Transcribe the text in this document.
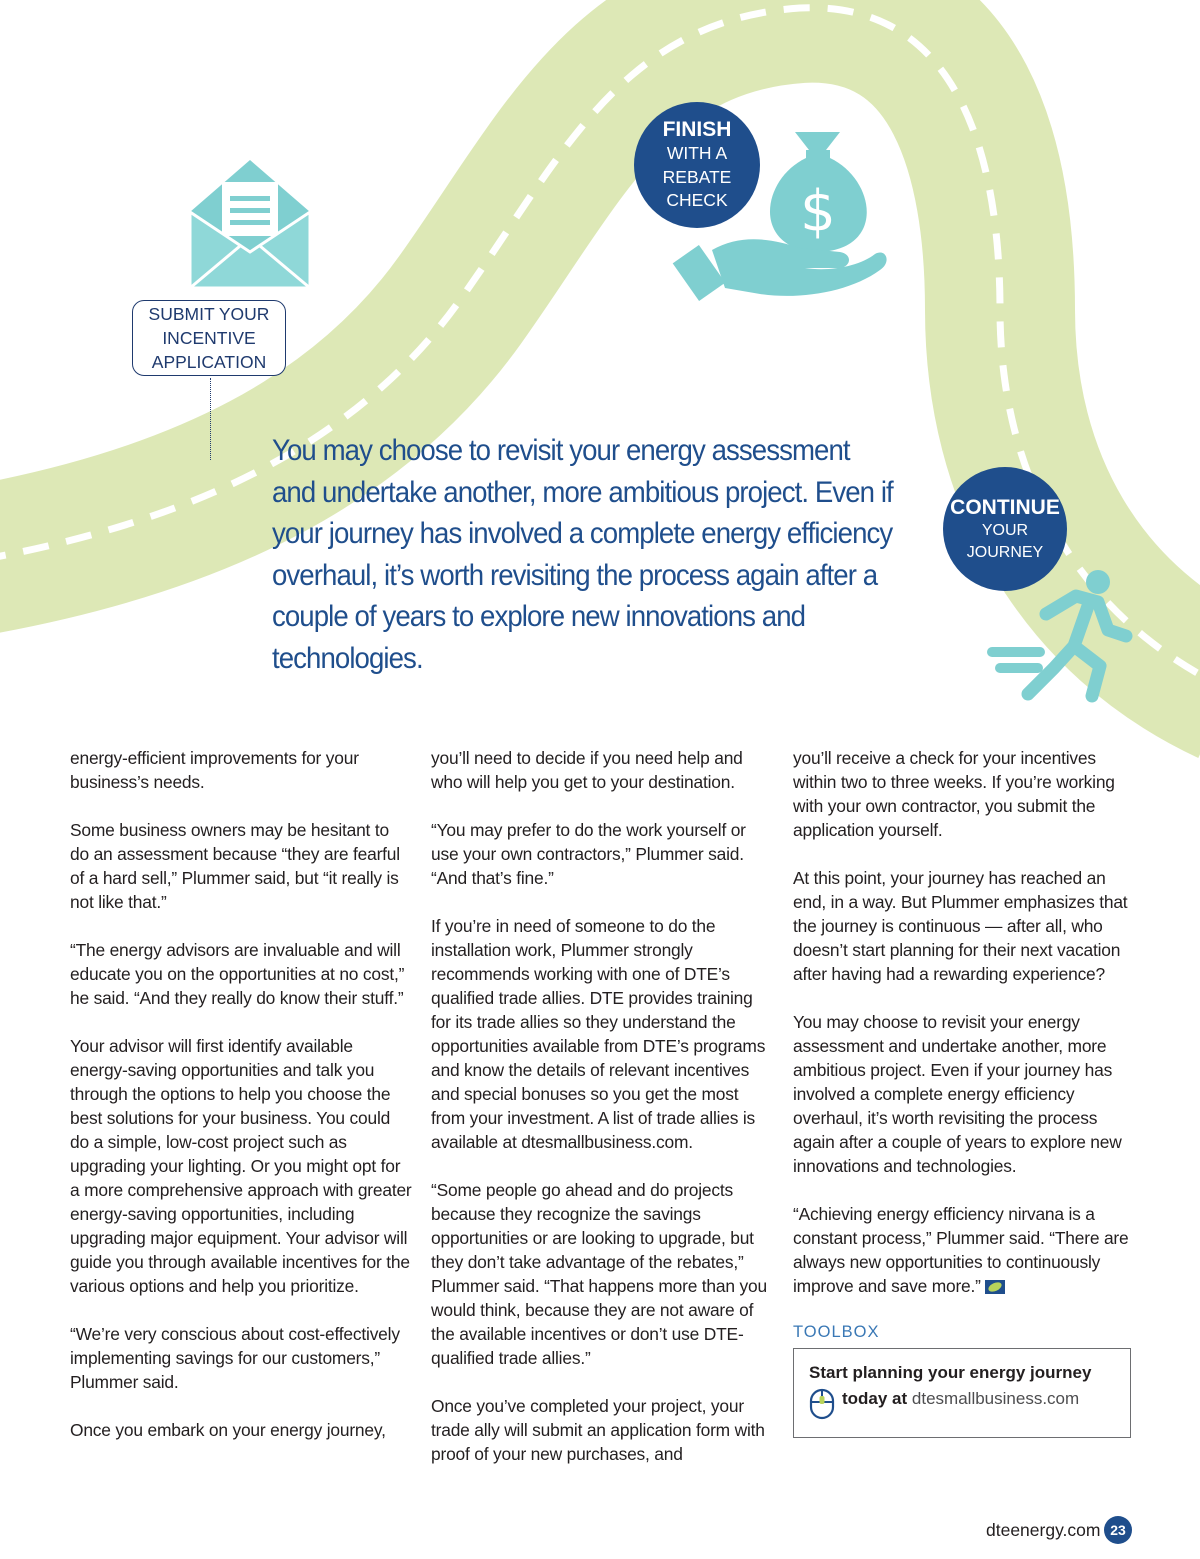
$
SUBMIT YOUR
INCENTIVE
APPLICATION
FINISH
WITH A
REBATE
CHECK
CONTINUE
YOUR JOURNEY

You may choose to revisit your energy assessment and undertake another, more ambitious project. Even if your journey has involved a complete energy efficiency overhaul, it’s worth revisiting the process again after a couple of years to explore new innovations and technologies.

energy-efficient improvements for your business’s needs.

Some business owners may be hesitant to do an assessment because “they are fearful of a hard sell,” Plummer said, but “it really is not like that.”

“The energy advisors are invaluable and will educate you on the opportunities at no cost,” he said. “And they really do know their stuff.”

Your advisor will first identify available energy-saving opportunities and talk you through the options to help you choose the best solutions for your business. You could do a simple, low-cost project such as upgrading your lighting. Or you might opt for a more comprehensive approach with greater energy-saving opportunities, including upgrading major equipment. Your advisor will guide you through available incentives for the various options and help you prioritize.

“We’re very conscious about cost-effectively implementing savings for our customers,” Plummer said.

Once you embark on your energy journey,

you’ll need to decide if you need help and who will help you get to your destination.

“You may prefer to do the work yourself or use your own contractors,” Plummer said. “And that’s fine.”

If you’re in need of someone to do the installation work, Plummer strongly recommends working with one of DTE’s qualified trade allies. DTE provides training for its trade allies so they understand the opportunities available from DTE’s programs and know the details of relevant incentives and special bonuses so you get the most from your investment. A list of trade allies is available at dtesmallbusiness.com.

“Some people go ahead and do projects because they recognize the savings opportunities or are looking to upgrade, but they don’t take advantage of the rebates,” Plummer said. “That happens more than you would think, because they are not aware of the available incentives or don’t use DTE-qualified trade allies.”

Once you’ve completed your project, your trade ally will submit an application form with proof of your new purchases, and

you’ll receive a check for your incentives within two to three weeks. If you’re working with your own contractor, you submit the application yourself.

At this point, your journey has reached an end, in a way. But Plummer emphasizes that the journey is continuous — after all, who doesn’t start planning for their next vacation after having had a rewarding experience?

You may choose to revisit your energy assessment and undertake another, more ambitious project. Even if your journey has involved a complete energy efficiency overhaul, it’s worth revisiting the process again after a couple of years to explore new innovations and technologies.

“Achieving energy efficiency nirvana is a constant process,” Plummer said. “There are always new opportunities to continuously improve and save more.”

TOOLBOX
Start planning your energy journey
today at dtesmallbusiness.com
dteenergy.com 23
